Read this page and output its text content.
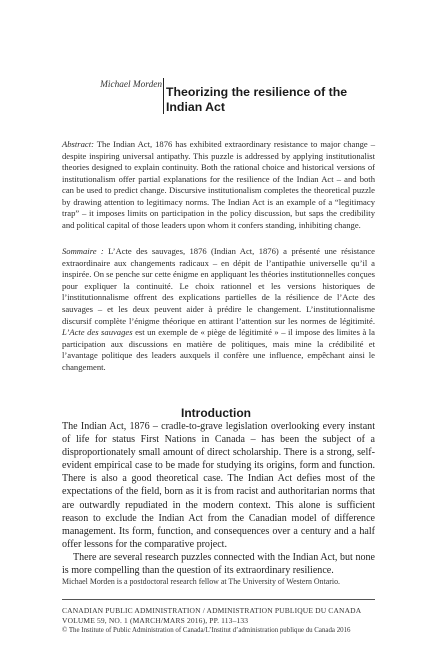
Michael Morden Theorizing the resilience of the Indian Act
Abstract: The Indian Act, 1876 has exhibited extraordinary resistance to major change – despite inspiring universal antipathy. This puzzle is addressed by applying institutionalist theories designed to explain continuity. Both the rational choice and historical versions of institutionalism offer partial explanations for the resilience of the Indian Act – and both can be used to predict change. Discursive institutionalism completes the theoretical puzzle by drawing attention to legitimacy norms. The Indian Act is an example of a “legitimacy trap” – it imposes limits on participation in the policy discussion, but saps the credibility and political capital of those leaders upon whom it confers standing, inhibiting change.
Sommaire : L’Acte des sauvages, 1876 (Indian Act, 1876) a présenté une résistance extraordinaire aux changements radicaux – en dépit de l’antipathie universelle qu’il a inspirée. On se penche sur cette énigme en appliquant les théories institutionnelles conçues pour expliquer la continuité. Le choix rationnel et les versions historiques de l’institutionnalisme offrent des explications partielles de la résilience de l’Acte des sauvages – et les deux peuvent aider à prédire le changement. L’institutionnalisme discursif complète l’énigme théorique en attirant l’attention sur les normes de légitimité. L’Acte des sauvages est un exemple de « piège de légitimité » – il impose des limites à la participation aux discussions en matière de politiques, mais mine la crédibilité et l’avantage politique des leaders auxquels il confère une influence, empêchant ainsi le changement.
Introduction

The Indian Act, 1876 – cradle-to-grave legislation overlooking every instant of life for status First Nations in Canada – has been the subject of a disproportionately small amount of direct scholarship. There is a strong, self-evident empirical case to be made for studying its origins, form and function. There is also a good theoretical case. The Indian Act defies most of the expectations of the field, born as it is from racist and authoritarian norms that are outwardly repudiated in the modern context. This alone is sufficient reason to exclude the Indian Act from the Canadian model of difference management. Its form, function, and consequences over a century and a half offer lessons for the comparative project.

There are several research puzzles connected with the Indian Act, but none is more compelling than the question of its extraordinary resilience.

Michael Morden is a postdoctoral research fellow at The University of Western Ontario.
CANADIAN PUBLIC ADMINISTRATION / ADMINISTRATION PUBLIQUE DU CANADA
VOLUME 59, NO. 1 (MARCH/MARS 2016), PP. 113–133
© The Institute of Public Administration of Canada/L’Institut d’administration publique du Canada 2016
